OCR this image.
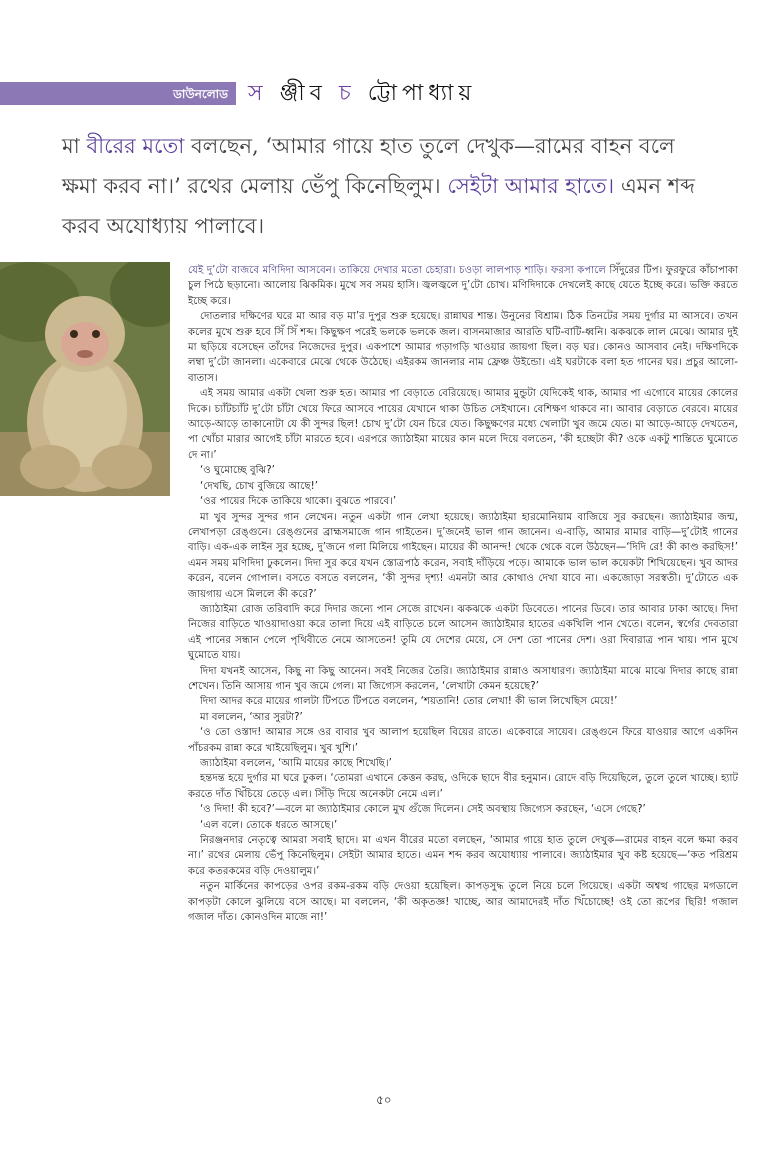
ডাউনলোড স ঞ্জীব চ ট্টোপাধ্যায়
মা বীরের মতো বলছেন, ‘আমার গায়ে হাত তুলে দেখুক—রামের বাহন বলে ক্ষমা করব না।’ রথের মেলায় ভেঁপু কিনেছিলুম। সেইটা আমার হাতে। এমন শব্দ করব অযোধ্যায় পালাবে।

যেই দু’টো বাজবে মণিদিদা আসবেন। তাকিয়ে দেখার মতো চেহারা। চওড়া লালপাড় শাড়ি। ফরসা কপালে সিঁদুরের টিপ। ফুরফুরে কাঁচাপাকা চুল পিঠে ছড়ানো। আলোয় ঝিকমিক। মুখে সব সময় হাসি। জ্বলজ্বলে দু’টো চোখ। মণিদিদাকে দেখলেই কাছে যেতে ইচ্ছে করে। ভক্তি করতে ইচ্ছে করে।

দোতলার দক্ষিণের ঘরে মা আর বড় মা’র দুপুর শুরু হয়েছে। রান্নাঘর শান্ত। উনুনের বিশ্রাম। ঠিক তিনটের সময় দুর্গার মা আসবে। তখন কলের মুখে শুরু হবে সিঁ সিঁ শব্দ। কিছুক্ষণ পরেই ভলকে ভলকে জল। বাসনমাজার আরতি ঘটি-বাটি-ধ্বনি। ঝকঝকে লাল মেঝে। আমার দুই মা ছড়িয়ে বসেছেন তাঁদের নিজেদের দুপুর। একপাশে আমার গড়াগড়ি খাওয়ার জায়গা ছিল। বড় ঘর। কোনও আসবাব নেই। দক্ষিণদিকে লম্বা দু’টো জানলা। একেবারে মেঝে থেকে উঠেছে। এইরকম জানলার নাম ফ্রেঞ্চ উইন্ডো। এই ঘরটাকে বলা হত গানের ঘর। প্রচুর আলো- বাতাস।

এই সময় আমার একটা খেলা শুরু হত। আমার পা বেড়াতে বেরিয়েছে। আমার মুন্ডুটা যেদিকেই থাক, আমার পা এগোবে মায়ের কোলের দিকে। চ্যাঁটচ্যাঁট দু’টো চাঁটা খেয়ে ফিরে আসবে পায়ের যেখানে থাকা উচিত সেইখানে। বেশিক্ষণ থাকবে না। আবার বেড়াতে বেরবে। মায়ের আড়ে-আড়ে তাকানোটা যে কী সুন্দর ছিল! চোখ দু’টো যেন চিরে যেত। কিছুক্ষণের মধ্যে খেলাটা খুব জমে যেত। মা আড়ে-আড়ে দেখতেন, পা খোঁচা মারার আগেই চাঁটা মারতে হবে। এরপরে জ্যাঠাইমা মায়ের কান মলে দিয়ে বলতেন, ‘কী হচ্ছেটা কী? ওকে একটু শান্তিতে ঘুমোতে দে না।’

‘ও ঘুমোচ্ছে বুঝি?’

‘দেখছি, চোখ বুজিয়ে আছে!’

‘ওর পায়ের দিকে তাকিয়ে থাকো। বুঝতে পারবে।’

মা খুব সুন্দর সুন্দর গান লেখেন। নতুন একটা গান লেখা হয়েছে। জ্যাঠাইমা হারমোনিয়াম বাজিয়ে সুর করছেন। জ্যাঠাইমার জন্ম, লেখাপড়া রেঙ্গুনে। রেঙ্গুনের ব্রাহ্মসমাজে গান গাইতেন। দু’জনেই ভাল গান জানেন। এ-বাড়ি, আমার মামার বাড়ি—দু’টোই গানের বাড়ি। এক-এক লাইন সুর হচ্ছে, দু’জনে গলা মিলিয়ে গাইছেন। মায়ের কী আনন্দ! থেকে থেকে বলে উঠছেন—‘দিদি রে! কী কাণ্ড করছিস!’ এমন সময় মণিদিদা ঢুকলেন। দিদা সুর করে যখন স্তোত্রপাঠ করেন, সবাই দাঁড়িয়ে পড়ে। আমাকে ভাল ভাল কয়েকটা শিখিয়েছেন। খুব আদর করেন, বলেন গোপাল। বসতে বসতে বললেন, ‘কী সুন্দর দৃশ্য! এমনটা আর কোথাও দেখা যাবে না। একজোড়া সরস্বতী। দু’টোতে এক জায়গায় এসে মিললে কী করে?’

জ্যাঠাইমা রোজ তরিবাদি করে দিদার জন্যে পান সেজে রাখেন। ঝকঝকে একটা ডিবেতে। পানের ডিবে। তার আবার ঢাকা আছে। দিদা নিজের বাড়িতে খাওয়াদাওয়া করে তালা দিয়ে এই বাড়িতে চলে আসেন জ্যাঠাইমার হাতের একখিলি পান খেতে। বলেন, স্বর্গের দেবতারা এই পানের সন্ধান পেলে পৃথিবীতে নেমে আসতেন! তুমি যে দেশের মেয়ে, সে দেশ তো পানের দেশ। ওরা দিবারাত্র পান খায়। পান মুখে ঘুমোতে যায়।

দিদা যখনই আসেন, কিছু না কিছু আনেন। সবই নিজের তৈরি। জ্যাঠাইমার রান্নাও অসাধারণ। জ্যাঠাইমা মাঝে মাঝে দিদার কাছে রান্না শেখেন। তিনি আসায় গান খুব জমে গেল। মা জিগ্যেস করলেন, ‘লেখাটা কেমন হয়েছে?’

দিদা আদর করে মায়ের গালটা টিপতে টিপতে বললেন, ‘শয়তানি! তোর লেখা! কী ভাল লিখেছিস মেয়ে!’

মা বললেন, ‘আর সুরটা?’

‘ও তো ওস্তাদ! আমার সঙ্গে ওর বাবার খুব আলাপ হয়েছিল বিয়ের রাতে। একেবারে সায়েব। রেঙ্গুনে ফিরে যাওয়ার আগে একদিন পাঁচরকম রান্না করে খাইয়েছিলুম। খুব খুশি।’

জ্যাঠাইমা বললেন, ‘আমি মায়ের কাছে শিখেছি।’

হন্তদন্ত হয়ে দুর্গার মা ঘরে ঢুকল। ‘তোমরা এখানে কেত্তন করছ, ওদিকে ছাদে বীর হনুমান। রোদে বড়ি দিয়েছিলে, তুলে তুলে খাচ্ছে। হ্যাট করতে দাঁত খিঁচিয়ে তেড়ে এল। সিঁড়ি দিয়ে অনেকটা নেমে এল।’

‘ও দিদা! কী হবে?’—বলে মা জ্যাঠাইমার কোলে মুখ গুঁজে দিলেন। সেই অবস্থায় জিগ্যেস করছেন, ‘এসে গেছে?’

‘এল বলে। তোকে ধরতে আসছে।’

নিরঞ্জনদার নেতৃত্বে আমরা সবাই ছাদে। মা এখন বীরের মতো বলছেন, ‘আমার গায়ে হাত তুলে দেখুক—রামের বাহন বলে ক্ষমা করব না।’ রথের মেলায় ভেঁপু কিনেছিলুম। সেইটা আমার হাতে। এমন শব্দ করব অযোধ্যায় পালাবে। জ্যাঠাইমার খুব কষ্ট হয়েছে—‘কত পরিশ্রম করে কতরকমের বড়ি দেওয়ালুম।’

নতুন মার্কিনের কাপড়ের ওপর রকম-রকম বড়ি দেওয়া হয়েছিল। কাপড়সুদ্ধ তুলে নিয়ে চলে গিয়েছে। একটা অশ্বত্থ গাছের মগডালে কাপড়টা কোলে ঝুলিয়ে বসে আছে। মা বললেন, ‘কী অকৃতজ্ঞ! খাচ্ছে, আর আমাদেরই দাঁত খিঁচোচ্ছে! ওই তো রূপের ছিরি! গজাল গজাল দাঁত। কোনওদিন মাজে না!’

৫০
